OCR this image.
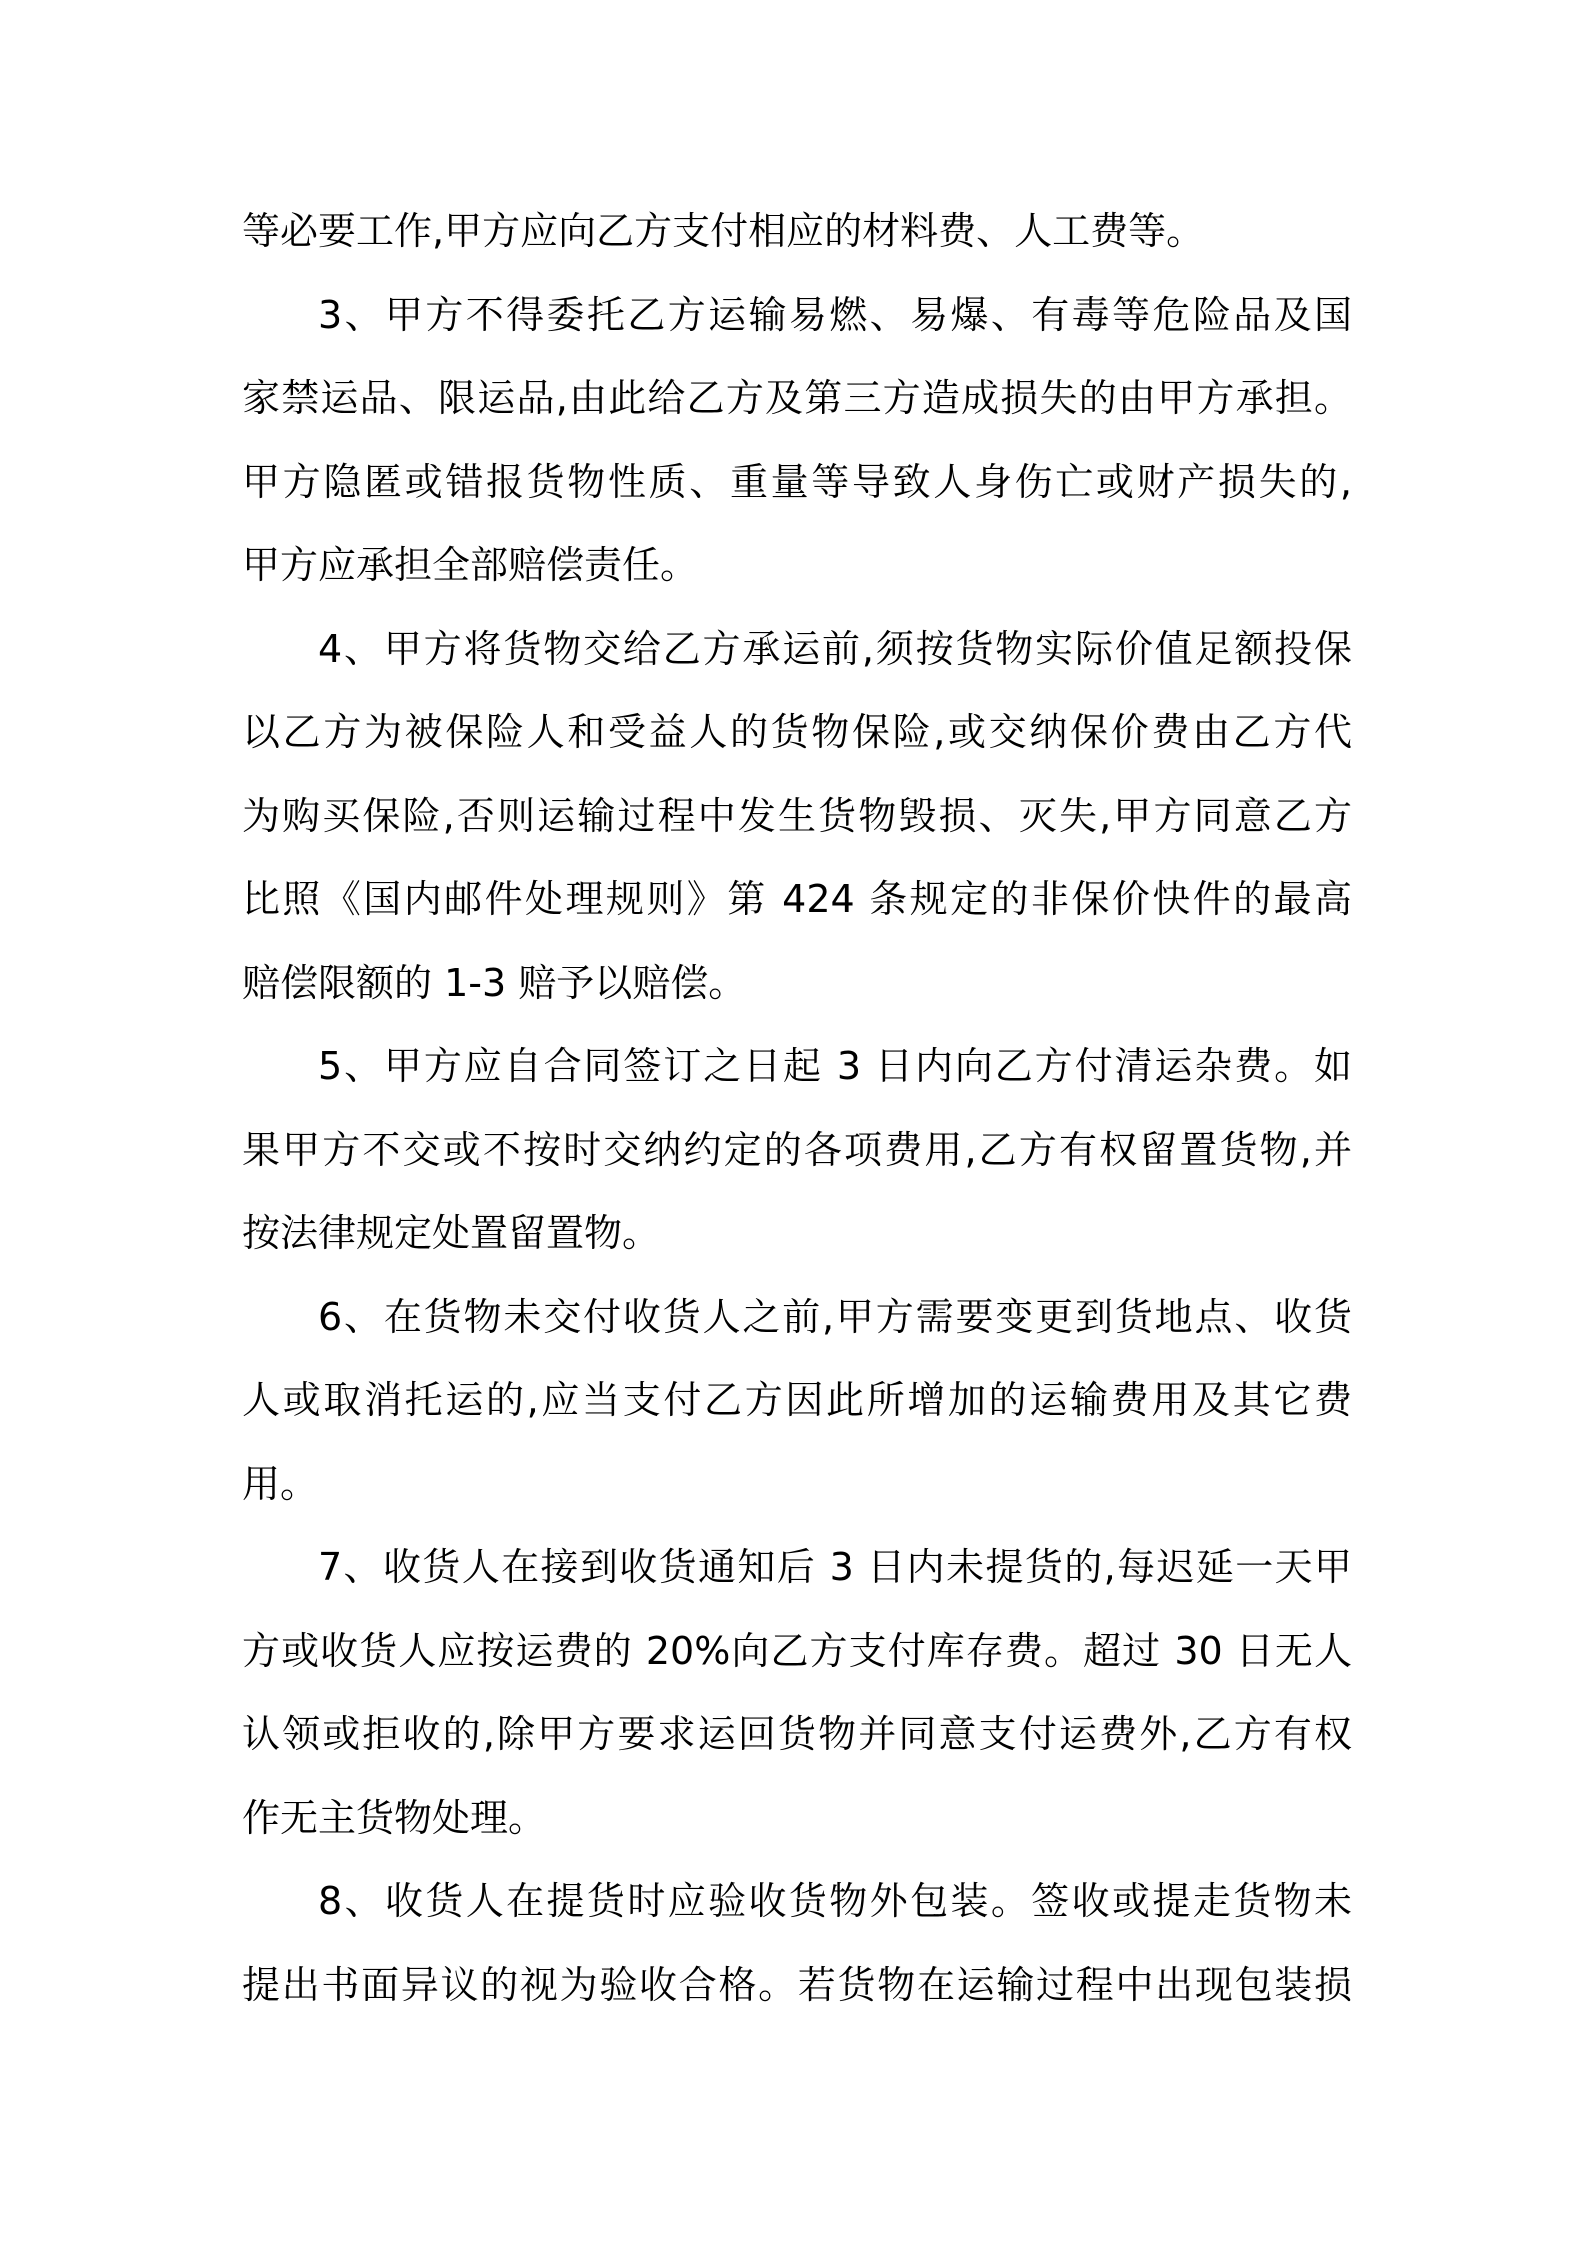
等必要工作,甲方应向乙方支付相应的材料费、人工费等。
3、甲方不得委托乙方运输易燃、易爆、有毒等危险品及国
家禁运品、限运品,由此给乙方及第三方造成损失的由甲方承担。
甲方隐匿或错报货物性质、重量等导致人身伤亡或财产损失的,
甲方应承担全部赔偿责任。
4、甲方将货物交给乙方承运前,须按货物实际价值足额投保
以乙方为被保险人和受益人的货物保险,或交纳保价费由乙方代
为购买保险,否则运输过程中发生货物毁损、灭失,甲方同意乙方
比照《国内邮件处理规则》第 424 条规定的非保价快件的最高
赔偿限额的 1-3 赔予以赔偿。
5、甲方应自合同签订之日起 3 日内向乙方付清运杂费。如
果甲方不交或不按时交纳约定的各项费用,乙方有权留置货物,并
按法律规定处置留置物。
6、在货物未交付收货人之前,甲方需要变更到货地点、收货
人或取消托运的,应当支付乙方因此所增加的运输费用及其它费
用。
7、收货人在接到收货通知后 3 日内未提货的,每迟延一天甲
方或收货人应按运费的 20%向乙方支付库存费。超过 30 日无人
认领或拒收的,除甲方要求运回货物并同意支付运费外,乙方有权
作无主货物处理。
8、收货人在提货时应验收货物外包装。签收或提走货物未
提出书面异议的视为验收合格。若货物在运输过程中出现包装损
